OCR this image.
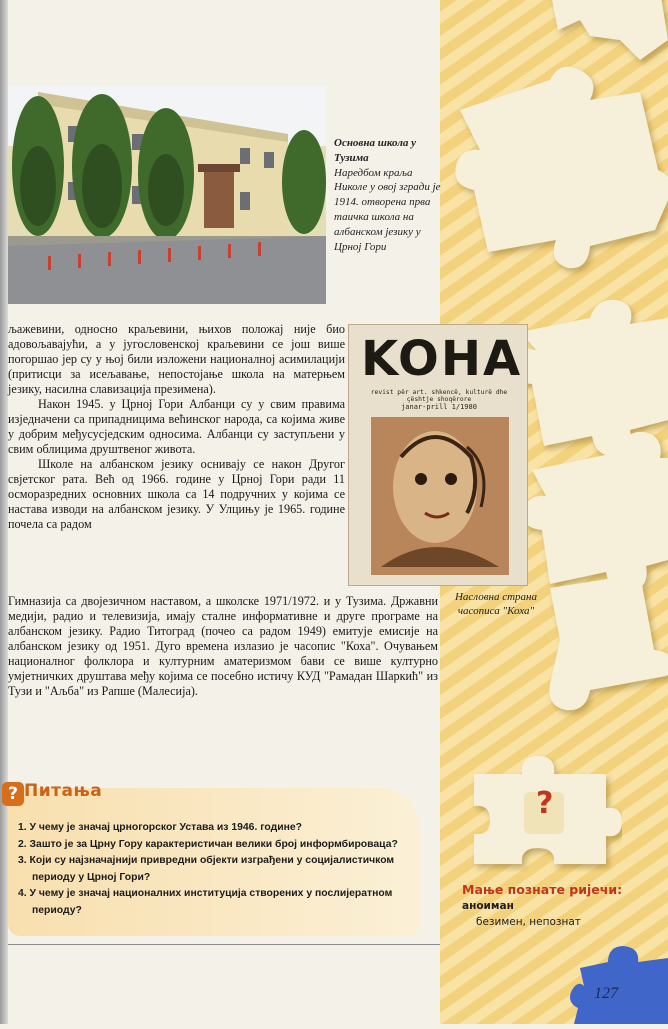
Основна школа у Тузима
Наредбом краља Николе у овој згради је 1914. отворена прва таичка школа на албанском језику у Црној Гори

љажевини, односно краљевини, њихов положај није био адовољавајући, а у југословенској краљевини се још више погоршао јер су у њој били изложени националној асимилацији (притисци за исељавање, непостојање школа на матерњем језику, насилна славизација презимена).

Након 1945. у Црној Гори Албанци су у свим правима изједначени са припадницима већинског народа, са којима живе у добрим међусусједским односима. Албанци су заступљени у свим облицима друштвеног живота.

Школе на албанском језику оснивају се након Другог свјетског рата. Већ од 1966. године у Црној Гори ради 11 осморазредних основних школа са 14 подручних у којима се настава изводи на албанском језику. У Улцињу је 1965. године почела са радом

Гимназија са двојезичном наставом, а школске 1971/1972. и у Тузима. Државни медији, радио и телевизија, имају сталне информативне и друге програме на албанском језику. Радио Титоград (почео са радом 1949) емитује емисије на албанском језику од 1951. Дуго времена излазио је часопис "Коха". Очувањем националног фолклора и културним аматеризмом бави се више културно умјетничких друштава међу којима се посебно истичу КУД "Рамадан Шаркић" из Тузи и "Аљба" из Рапше (Малесија).

KOHA
revist për art. shkencë, kulturë dhe çështje shoqërore
janar-prill 1/1980
Насловна страна часописа "Коха"
? Питања
1. У чему је значај црногорског Устава из 1946. године?
2. Зашто је за Црну Гору карактеристичан велики број информбироваца?
3. Који су најзначајнији привредни објекти изграђени у социјалистичком периоду у Црној Гори?
4. У чему је значај националних институција створених у послијератном периоду?
?
Мање познате ријечи:
аноиман
безимен, непознат
127
